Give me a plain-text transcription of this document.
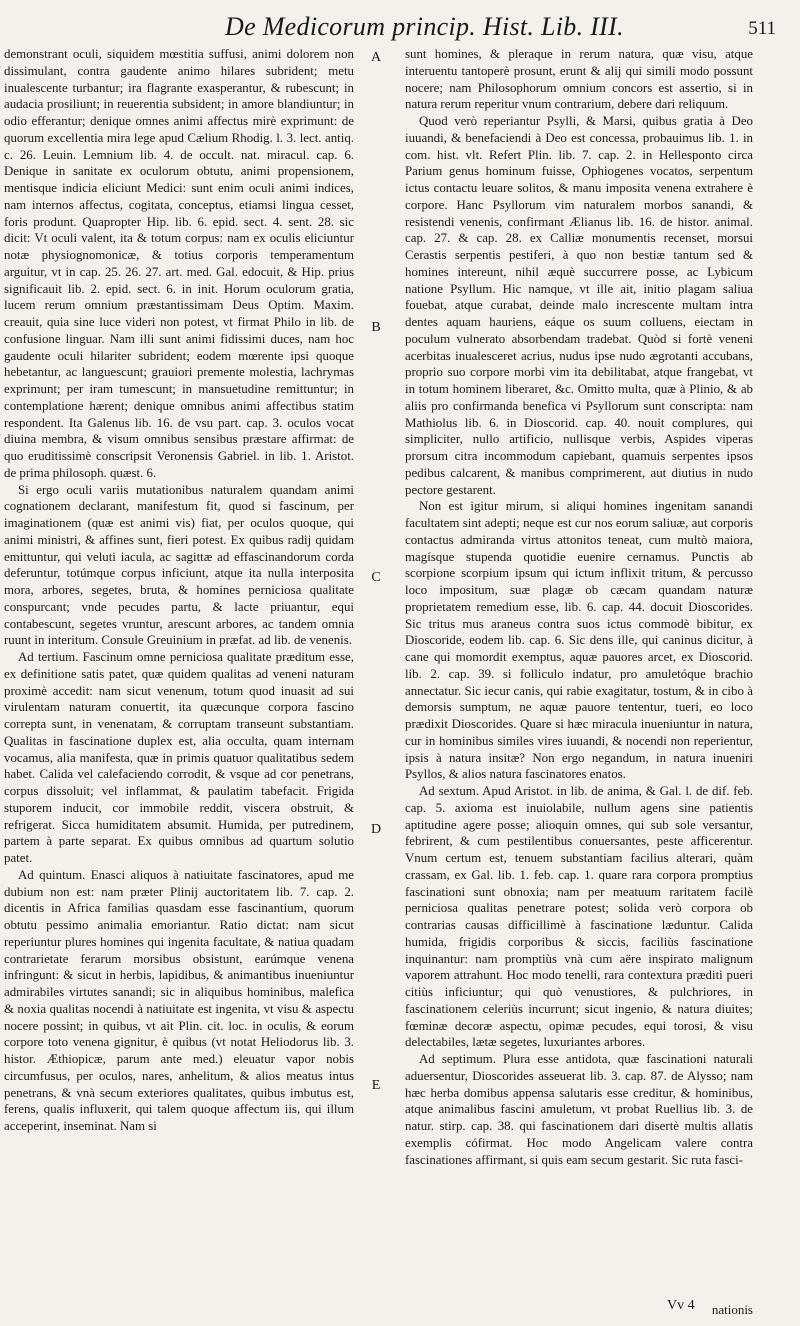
De Medicorum princip. Hist. Lib. III.	511

demonstrant oculi, siquidem mœstitia suffusi, animi dolorem non dissimulant, contra gaudente animo hilares subrident; metu inualescente turbantur; ira flagrante exasperantur, & rubescunt; in audacia prosiliunt; in reuerentia subsident; in amore blandiuntur; in odio efferantur; denique omnes animi affectus mirè exprimunt: de quorum excellentia mira lege apud Cælium Rhodig. l. 3. lect. antiq. c. 26. Leuin. Lemnium lib. 4. de occult. nat. miracul. cap. 6. Denique in sanitate ex oculorum obtutu, animi propensionem, mentisque indicia eliciunt Medici: sunt enim oculi animi indices, nam internos affectus, cogitata, conceptus, etiamsi lingua cesset, foris produnt. Quapropter Hip. lib. 6. epid. sect. 4. sent. 28. sic dicit: Vt oculi valent, ita & totum corpus: nam ex oculis eliciuntur notæ physiognomonicæ, & totius corporis temperamentum arguitur, vt in cap. 25. 26. 27. art. med. Gal. edocuit, & Hip. prius significauit lib. 2. epid. sect. 6. in init. Horum oculorum gratia, lucem rerum omnium præstantissimam Deus Optim. Maxim. creauit, quia sine luce videri non potest, vt firmat Philo in lib. de confusione linguar. Nam illi sunt animi fidissimi duces, nam hoc gaudente oculi hilariter subrident; eodem mœrente ipsi quoque hebetantur, ac languescunt; grauiori premente molestia, lachrymas exprimunt; per iram tumescunt; in mansuetudine remittuntur; in contemplatione hærent; denique omnibus animi affectibus statim respondent. Ita Galenus lib. 16. de vsu part. cap. 3. oculos vocat diuina membra, & visum omnibus sensibus præstare affirmat: de quo eruditissimè conscripsit Veronensis Gabriel. in lib. 1. Aristot. de prima philosoph. quæst. 6.

Si ergo oculi variis mutationibus naturalem quandam animi cognationem declarant, manifestum fit, quod si fascinum, per imaginationem (quæ est animi vis) fiat, per oculos quoque, qui animi ministri, & affines sunt, fieri potest. Ex quibus radij quidam emittuntur, qui veluti iacula, ac sagittæ ad effascinandorum corda deferuntur, totúmque corpus inficiunt, atque ita nulla interposita mora, arbores, segetes, bruta, & homines perniciosa qualitate conspurcant; vnde pecudes partu, & lacte priuantur, equi contabescunt, segetes vruntur, arescunt arbores, ac tandem omnia ruunt in interitum. Consule Greuinium in præfat. ad lib. de venenis.

Ad tertium. Fascinum omne perniciosa qualitate præditum esse, ex definitione satis patet, quæ quidem qualitas ad veneni naturam proximè accedit: nam sicut venenum, totum quod inuasit ad sui virulentam naturam conuertit, ita quæcunque corpora fascino correpta sunt, in venenatam, & corruptam transeunt substantiam. Qualitas in fascinatione duplex est, alia occulta, quam internam vocamus, alia manifesta, quæ in primis quatuor qualitatibus sedem habet. Calida vel calefaciendo corrodit, & vsque ad cor penetrans, corpus dissoluit; vel inflammat, & paulatim tabefacit. Frigida stuporem inducit, cor immobile reddit, viscera obstruit, & refrigerat. Sicca humiditatem absumit. Humida, per putredinem, partem à parte separat. Ex quibus omnibus ad quartum solutio patet.

Ad quintum. Enasci aliquos à natiuitate fascinatores, apud me dubium non est: nam præter Plinij auctoritatem lib. 7. cap. 2. dicentis in Africa familias quasdam esse fascinantium, quorum obtutu pessimo animalia emoriantur. Ratio dictat: nam sicut reperiuntur plures homines qui ingenita facultate, & natiua quadam contrarietate ferarum morsibus obsistunt, earúmque venena infringunt: & sicut in herbis, lapidibus, & animantibus inueniuntur admirabiles virtutes sanandi; sic in aliquibus hominibus, malefica & noxia qualitas nocendi à natiuitate est ingenita, vt visu & aspectu nocere possint; in quibus, vt ait Plin. cit. loc. in oculis, & eorum corpore toto venena gignitur, è quibus (vt notat Heliodorus lib. 3. histor. Æthiopicæ, parum ante med.) eleuatur vapor nobis circumfusus, per oculos, nares, anhelitum, & alios meatus intus penetrans, & vnà secum exteriores qualitates, quibus imbutus est, ferens, qualis influxerit, qui talem quoque affectum iis, qui illum acceperint, inseminat. Nam si

A
B
C
D
E

sunt homines, & pleraque in rerum natura, quæ visu, atque interuentu tantoperè prosunt, erunt & alij qui simili modo possunt nocere; nam Philosophorum omnium concors est assertio, si in natura rerum reperitur vnum contrarium, debere dari reliquum.

Quod verò reperiantur Psylli, & Marsi, quibus gratia à Deo iuuandi, & benefaciendi à Deo est concessa, probauimus lib. 1. in com. hist. vlt. Refert Plin. lib. 7. cap. 2. in Hellesponto circa Parium genus hominum fuisse, Ophiogenes vocatos, serpentum ictus contactu leuare solitos, & manu imposita venena extrahere è corpore. Hanc Psyllorum vim naturalem morbos sanandi, & resistendi venenis, confirmant Ælianus lib. 16. de histor. animal. cap. 27. & cap. 28. ex Calliæ monumentis recenset, morsui Cerastis serpentis pestiferi, à quo non bestiæ tantum sed & homines intereunt, nihil æquè succurrere posse, ac Lybicum natione Psyllum. Hic namque, vt ille ait, initio plagam saliua fouebat, atque curabat, deinde malo increscente multam intra dentes aquam hauriens, eáque os suum colluens, eiectam in poculum vulnerato absorbendam tradebat. Quòd si fortè veneni acerbitas inualesceret acrius, nudus ipse nudo ægrotanti accubans, proprio suo corpore morbi vim ita debilitabat, atque frangebat, vt in totum hominem liberaret, &c. Omitto multa, quæ à Plinio, & ab aliis pro confirmanda benefica vi Psyllorum sunt conscripta: nam Mathiolus lib. 6. in Dioscorid. cap. 40. nouit complures, qui simpliciter, nullo artificio, nullisque verbis, Aspides viperas prorsum citra incommodum capiebant, quamuis serpentes ipsos pedibus calcarent, & manibus comprimerent, aut diutius in nudo pectore gestarent.

Non est igitur mirum, si aliqui homines ingenitam sanandi facultatem sint adepti; neque est cur nos eorum saliuæ, aut corporis contactus admiranda virtus attonitos teneat, cum multò maiora, magísque stupenda quotidie euenire cernamus. Punctis ab scorpione scorpium ipsum qui ictum inflixit tritum, & percusso loco impositum, suæ plagæ ob cæcam quandam naturæ proprietatem remedium esse, lib. 6. cap. 44. docuit Dioscorides. Sic tritus mus araneus contra suos ictus commodè bibitur, ex Dioscoride, eodem lib. cap. 6. Sic dens ille, qui caninus dicitur, à cane qui momordit exemptus, aquæ pauores arcet, ex Dioscorid. lib. 2. cap. 39. si folliculo indatur, pro amuletóque brachio annectatur. Sic iecur canis, qui rabie exagitatur, tostum, & in cibo à demorsis sumptum, ne aquæ pauore tententur, tueri, eo loco prædixit Dioscorides. Quare si hæc miracula inueniuntur in natura, cur in hominibus similes vires iuuandi, & nocendi non reperientur, ipsis à natura insitæ? Non ergo negandum, in natura inueniri Psyllos, & alios natura fascinatores enatos.

Ad sextum. Apud Aristot. in lib. de anima, & Gal. l. de dif. feb. cap. 5. axioma est inuiolabile, nullum agens sine patientis aptitudine agere posse; alioquin omnes, qui sub sole versantur, febrirent, & cum pestilentibus conuersantes, peste afficerentur. Vnum certum est, tenuem substantiam facilius alterari, quàm crassam, ex Gal. lib. 1. feb. cap. 1. quare rara corpora promptius fascinationi sunt obnoxia; nam per meatuum raritatem facilè perniciosa qualitas penetrare potest; solida verò corpora ob contrarias causas difficillimè à fascinatione læduntur. Calida humida, frigidis corporibus & siccis, faciliùs fascinatione inquinantur: nam promptiùs vnà cum aëre inspirato malignum vaporem attrahunt. Hoc modo tenelli, rara contextura præditi pueri citiùs inficiuntur; qui quò venustiores, & pulchriores, in fascinationem celeriùs incurrunt; sicut ingenio, & natura diuites; fœminæ decoræ aspectu, opimæ pecudes, equi torosi, & visu delectabiles, lætæ segetes, luxuriantes arbores.

Ad septimum. Plura esse antidota, quæ fascinationi naturali aduersentur, Dioscorides asseuerat lib. 3. cap. 87. de Alysso; nam hæc herba domibus appensa salutaris esse creditur, & hominibus, atque animalibus fascini amuletum, vt probat Ruellius lib. 3. de natur. stirp. cap. 38. qui fascinationem dari disertè multis allatis exemplis cófirmat. Hoc modo Angelicam valere contra fascinationes affirmant, si quis eam secum gestarit. Sic ruta fasci-

Vv 4 nationis
